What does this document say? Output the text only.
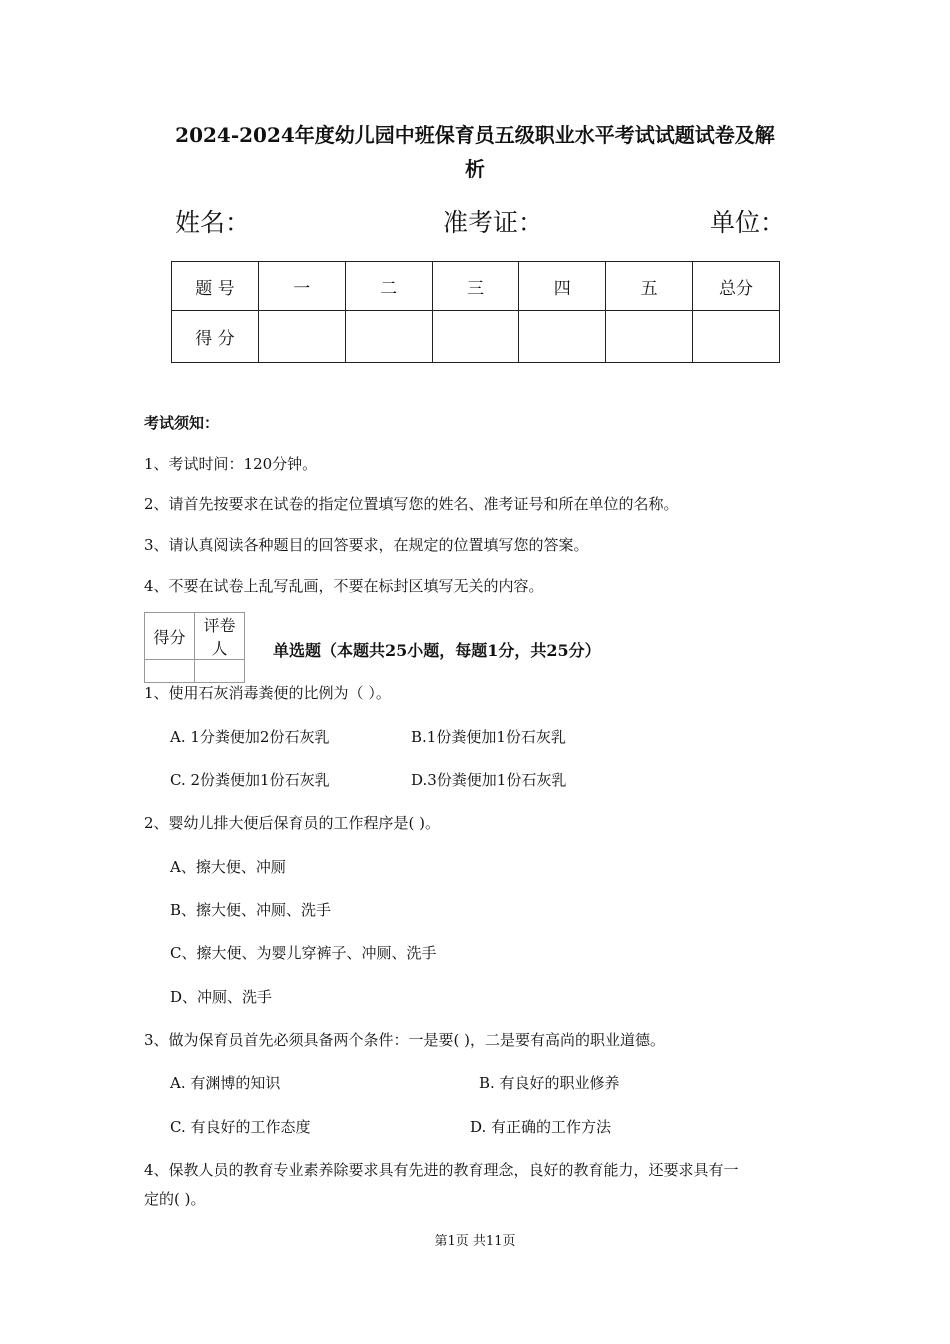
2024-2024年度幼儿园中班保育员五级职业水平考试试题试卷及解
析
姓名：	准考证：	单位：
题 号	一	二	三	四	五	总分
得 分						
考试须知：
1、考试时间：120分钟。
2、请首先按要求在试卷的指定位置填写您的姓名、准考证号和所在单位的名称。
3、请认真阅读各种题目的回答要求，在规定的位置填写您的答案。
4、不要在试卷上乱写乱画，不要在标封区填写无关的内容。
得分	评卷人
		单选题（本题共25小题，每题1分，共25分）
1、使用石灰消毒粪便的比例为（ ）。
A. 1分粪便加2份石灰乳	B.1份粪便加1份石灰乳
C. 2份粪便加1份石灰乳	D.3份粪便加1份石灰乳
2、婴幼儿排大便后保育员的工作程序是( )。
A、擦大便、冲厕
B、擦大便、冲厕、洗手
C、擦大便、为婴儿穿裤子、冲厕、洗手
D、冲厕、洗手
3、做为保育员首先必须具备两个条件：一是要( )，二是要有高尚的职业道德。
A. 有渊博的知识	B. 有良好的职业修养
C. 有良好的工作态度	D. 有正确的工作方法
4、保教人员的教育专业素养除要求具有先进的教育理念，良好的教育能力，还要求具有一
定的( )。
第1页 共11页
